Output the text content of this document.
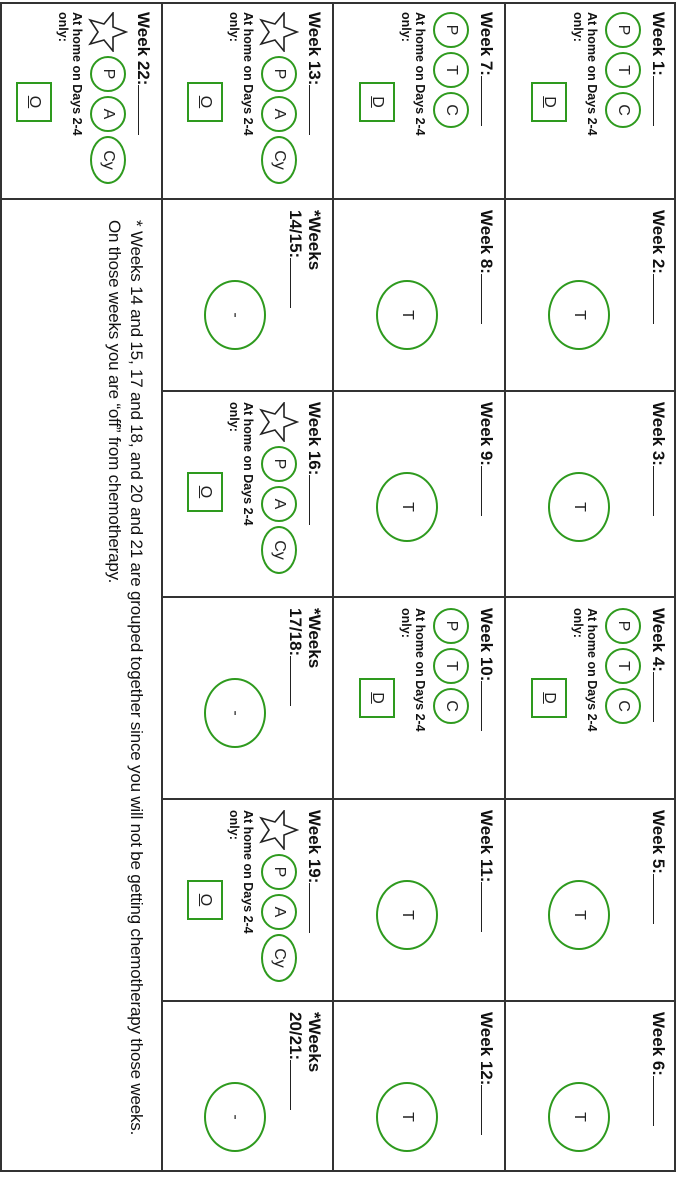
Week 1:
P
T
C
At home on Days 2-4 only:
D
Week 2:
T
Week 3:
T
Week 4:
P
T
C
At home on Days 2-4 only:
D
Week 5:
T
Week 6:
T
Week 7:
P
T
C
At home on Days 2-4 only:
D
Week 8:
T
Week 9:
T
Week 10:
P
T
C
At home on Days 2-4 only:
D
Week 11:
T
Week 12:
T
Week 13:
P
A
Cy
At home on Days 2-4 only:
O
*Weeks
14/15:
-
Week 16:
P
A
Cy
At home on Days 2-4 only:
O
*Weeks
17/18:
-
Week 19:
P
A
Cy
At home on Days 2-4 only:
O
*Weeks
20/21:
-
Week 22:
P
A
Cy
At home on Days 2-4 only:
O
* Weeks 14 and 15, 17 and 18, and 20 and 21 are grouped together since you will not be getting chemotherapy those weeks. On those weeks you are “off” from chemotherapy.
